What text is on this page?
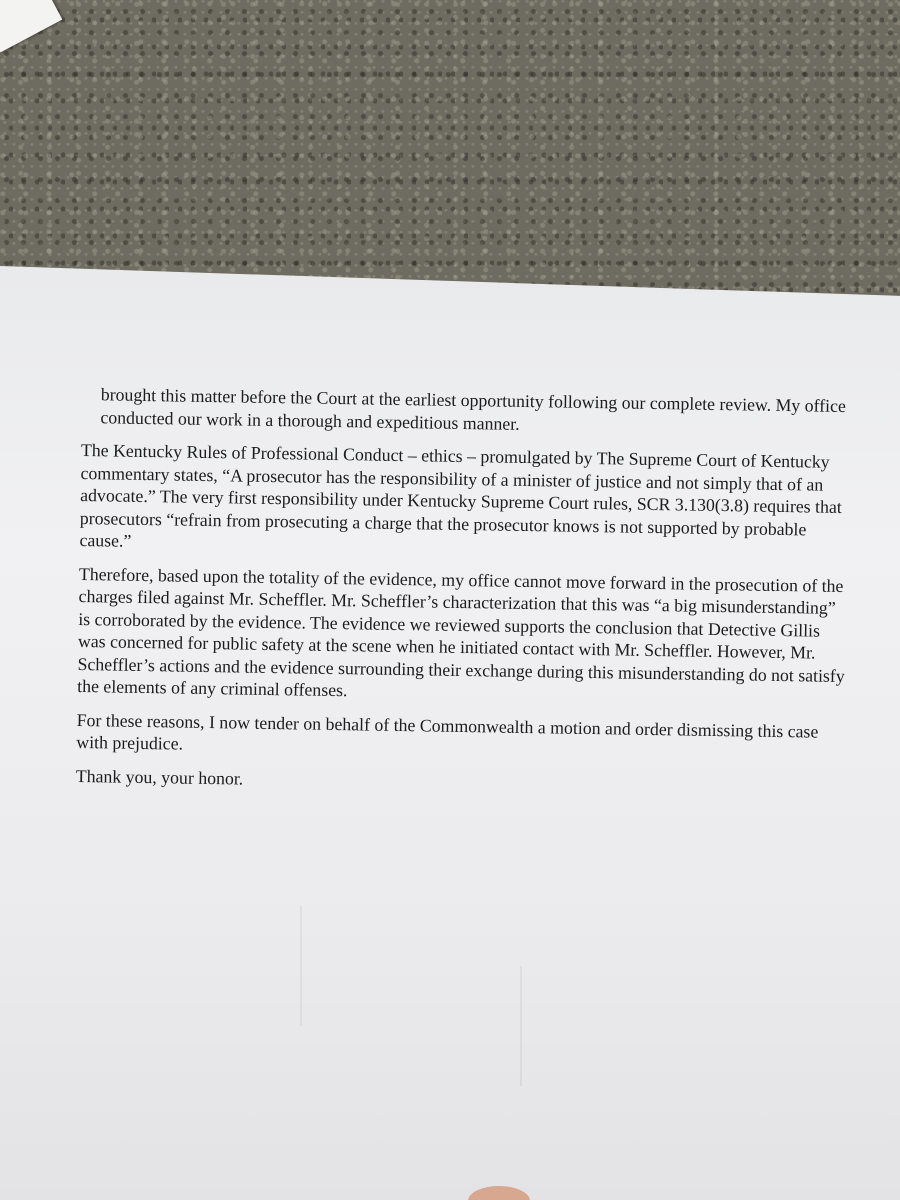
brought this matter before the Court at the earliest opportunity following our complete review. My office conducted our work in a thorough and expeditious manner.

The Kentucky Rules of Professional Conduct – ethics – promulgated by The Supreme Court of Kentucky commentary states, “A prosecutor has the responsibility of a minister of justice and not simply that of an advocate.” The very first responsibility under Kentucky Supreme Court rules, SCR 3.130(3.8) requires that prosecutors “refrain from prosecuting a charge that the prosecutor knows is not supported by probable cause.”

Therefore, based upon the totality of the evidence, my office cannot move forward in the prosecution of the charges filed against Mr. Scheffler. Mr. Scheffler’s characterization that this was “a big misunderstanding” is corroborated by the evidence. The evidence we reviewed supports the conclusion that Detective Gillis was concerned for public safety at the scene when he initiated contact with Mr. Scheffler. However, Mr. Scheffler’s actions and the evidence surrounding their exchange during this misunderstanding do not satisfy the elements of any criminal offenses.

For these reasons, I now tender on behalf of the Commonwealth a motion and order dismissing this case with prejudice.

Thank you, your honor.
